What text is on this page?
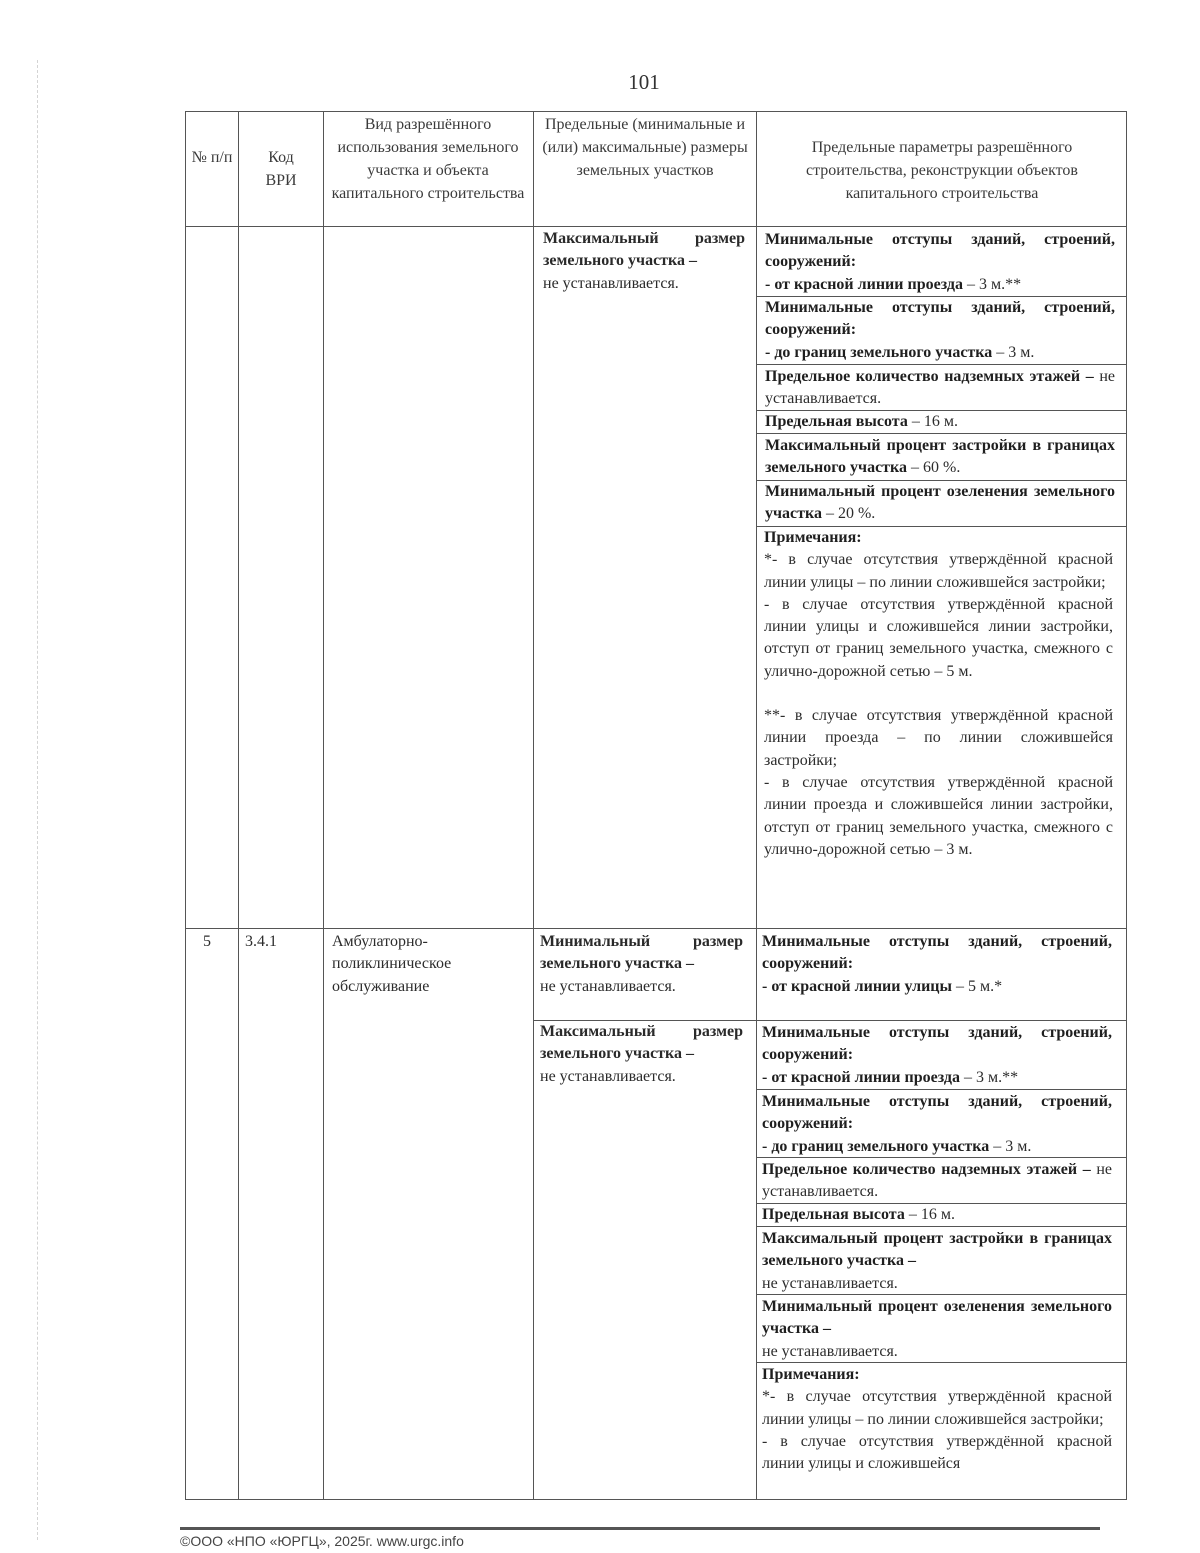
101
№ п/п	Код ВРИ
Вид разрешённого использования земельного участка и объекта капитального строительства
Предельные (минимальные и (или) максимальные) размеры земельных участков
Предельные параметры разрешённого строительства, реконструкции объектов капитального строительства
Максимальный размер земельного участка –
не устанавливается.
Минимальные отступы зданий, строений, сооружений:
- от красной линии проезда – 3 м.**
Минимальные отступы зданий, строений, сооружений:
- до границ земельного участка – 3 м.
Предельное количество надземных этажей – не устанавливается.
Предельная высота – 16 м.
Максимальный процент застройки в границах земельного участка – 60 %.
Минимальный процент озеленения земельного участка – 20 %.
Примечания:
*- в случае отсутствия утверждённой красной линии улицы – по линии сложившейся застройки;
- в случае отсутствия утверждённой красной линии улицы и сложившейся линии застройки, отступ от границ земельного участка, смежного с улично-дорожной сетью – 5 м.
**- в случае отсутствия утверждённой красной линии проезда – по линии сложившейся застройки;
- в случае отсутствия утверждённой красной линии проезда и сложившейся линии застройки, отступ от границ земельного участка, смежного с улично-дорожной сетью – 3 м.
5 3.4.1	Амбулаторно-поликлиническое обслуживание
Минимальный размер земельного участка –
не устанавливается.
Максимальный размер земельного участка –
не устанавливается.
Минимальные отступы зданий, строений, сооружений:
- от красной линии улицы – 5 м.*
Минимальные отступы зданий, строений, сооружений:
- от красной линии проезда – 3 м.**
Минимальные отступы зданий, строений, сооружений:
- до границ земельного участка – 3 м.
Предельное количество надземных этажей – не устанавливается.
Предельная высота – 16 м.
Максимальный процент застройки в границах земельного участка –
не устанавливается.
Минимальный процент озеленения земельного участка –
не устанавливается.
Примечания:
*- в случае отсутствия утверждённой красной линии улицы – по линии сложившейся застройки;
- в случае отсутствия утверждённой красной линии улицы и сложившейся
©ООО «НПО «ЮРГЦ», 2025г. www.urgc.info
